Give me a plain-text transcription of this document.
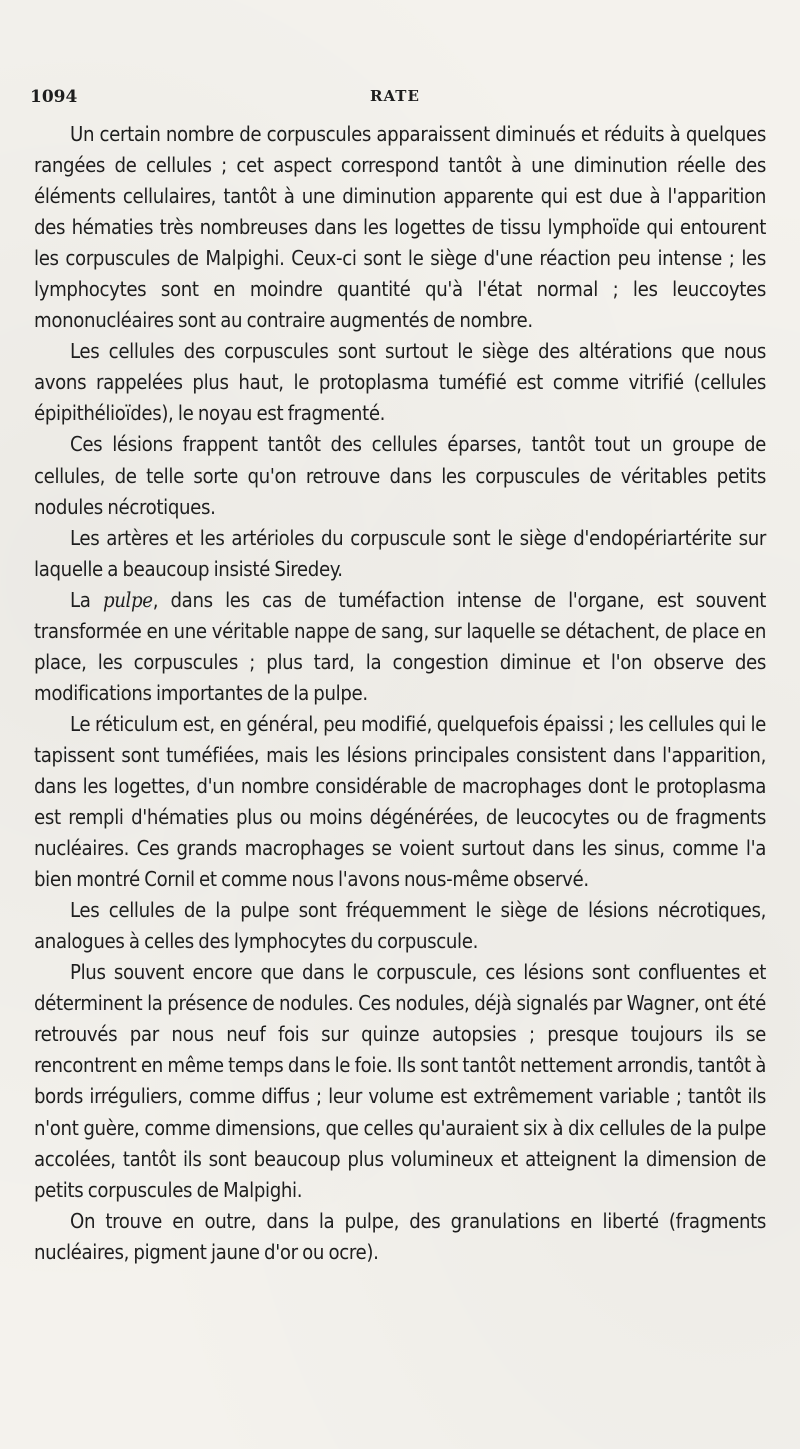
1094	RATE

Un certain nombre de corpuscules apparaissent diminués et réduits à quelques rangées de cellules ; cet aspect correspond tantôt à une diminution réelle des éléments cellulaires, tantôt à une diminution apparente qui est due à l'apparition des hématies très nombreuses dans les logettes de tissu lymphoïde qui entourent les corpuscules de Malpighi. Ceux-ci sont le siège d'une réaction peu intense ; les lymphocytes sont en moindre quantité qu'à l'état normal ; les leuccoytes mononucléaires sont au contraire augmentés de nombre.

Les cellules des corpuscules sont surtout le siège des altérations que nous avons rappelées plus haut, le protoplasma tuméfié est comme vitrifié (cellules épipithélioïdes), le noyau est fragmenté.

Ces lésions frappent tantôt des cellules éparses, tantôt tout un groupe de cellules, de telle sorte qu'on retrouve dans les corpuscules de véritables petits nodules nécrotiques.

Les artères et les artérioles du corpuscule sont le siège d'endopériartérite sur laquelle a beaucoup insisté Siredey.

La pulpe, dans les cas de tuméfaction intense de l'organe, est souvent transformée en une véritable nappe de sang, sur laquelle se détachent, de place en place, les corpuscules ; plus tard, la congestion diminue et l'on observe des modifications importantes de la pulpe.

Le réticulum est, en général, peu modifié, quelquefois épaissi ; les cellules qui le tapissent sont tuméfiées, mais les lésions principales consistent dans l'apparition, dans les logettes, d'un nombre considérable de macrophages dont le protoplasma est rempli d'hématies plus ou moins dégénérées, de leucocytes ou de fragments nucléaires. Ces grands macrophages se voient surtout dans les sinus, comme l'a bien montré Cornil et comme nous l'avons nous-même observé.

Les cellules de la pulpe sont fréquemment le siège de lésions nécrotiques, analogues à celles des lymphocytes du corpuscule.

Plus souvent encore que dans le corpuscule, ces lésions sont confluentes et déterminent la présence de nodules. Ces nodules, déjà signalés par Wagner, ont été retrouvés par nous neuf fois sur quinze autopsies ; presque toujours ils se rencontrent en même temps dans le foie. Ils sont tantôt nettement arrondis, tantôt à bords irréguliers, comme diffus ; leur volume est extrêmement variable ; tantôt ils n'ont guère, comme dimensions, que celles qu'auraient six à dix cellules de la pulpe accolées, tantôt ils sont beaucoup plus volumineux et atteignent la dimension de petits corpuscules de Malpighi.

On trouve en outre, dans la pulpe, des granulations en liberté (fragments nucléaires, pigment jaune d'or ou ocre).
